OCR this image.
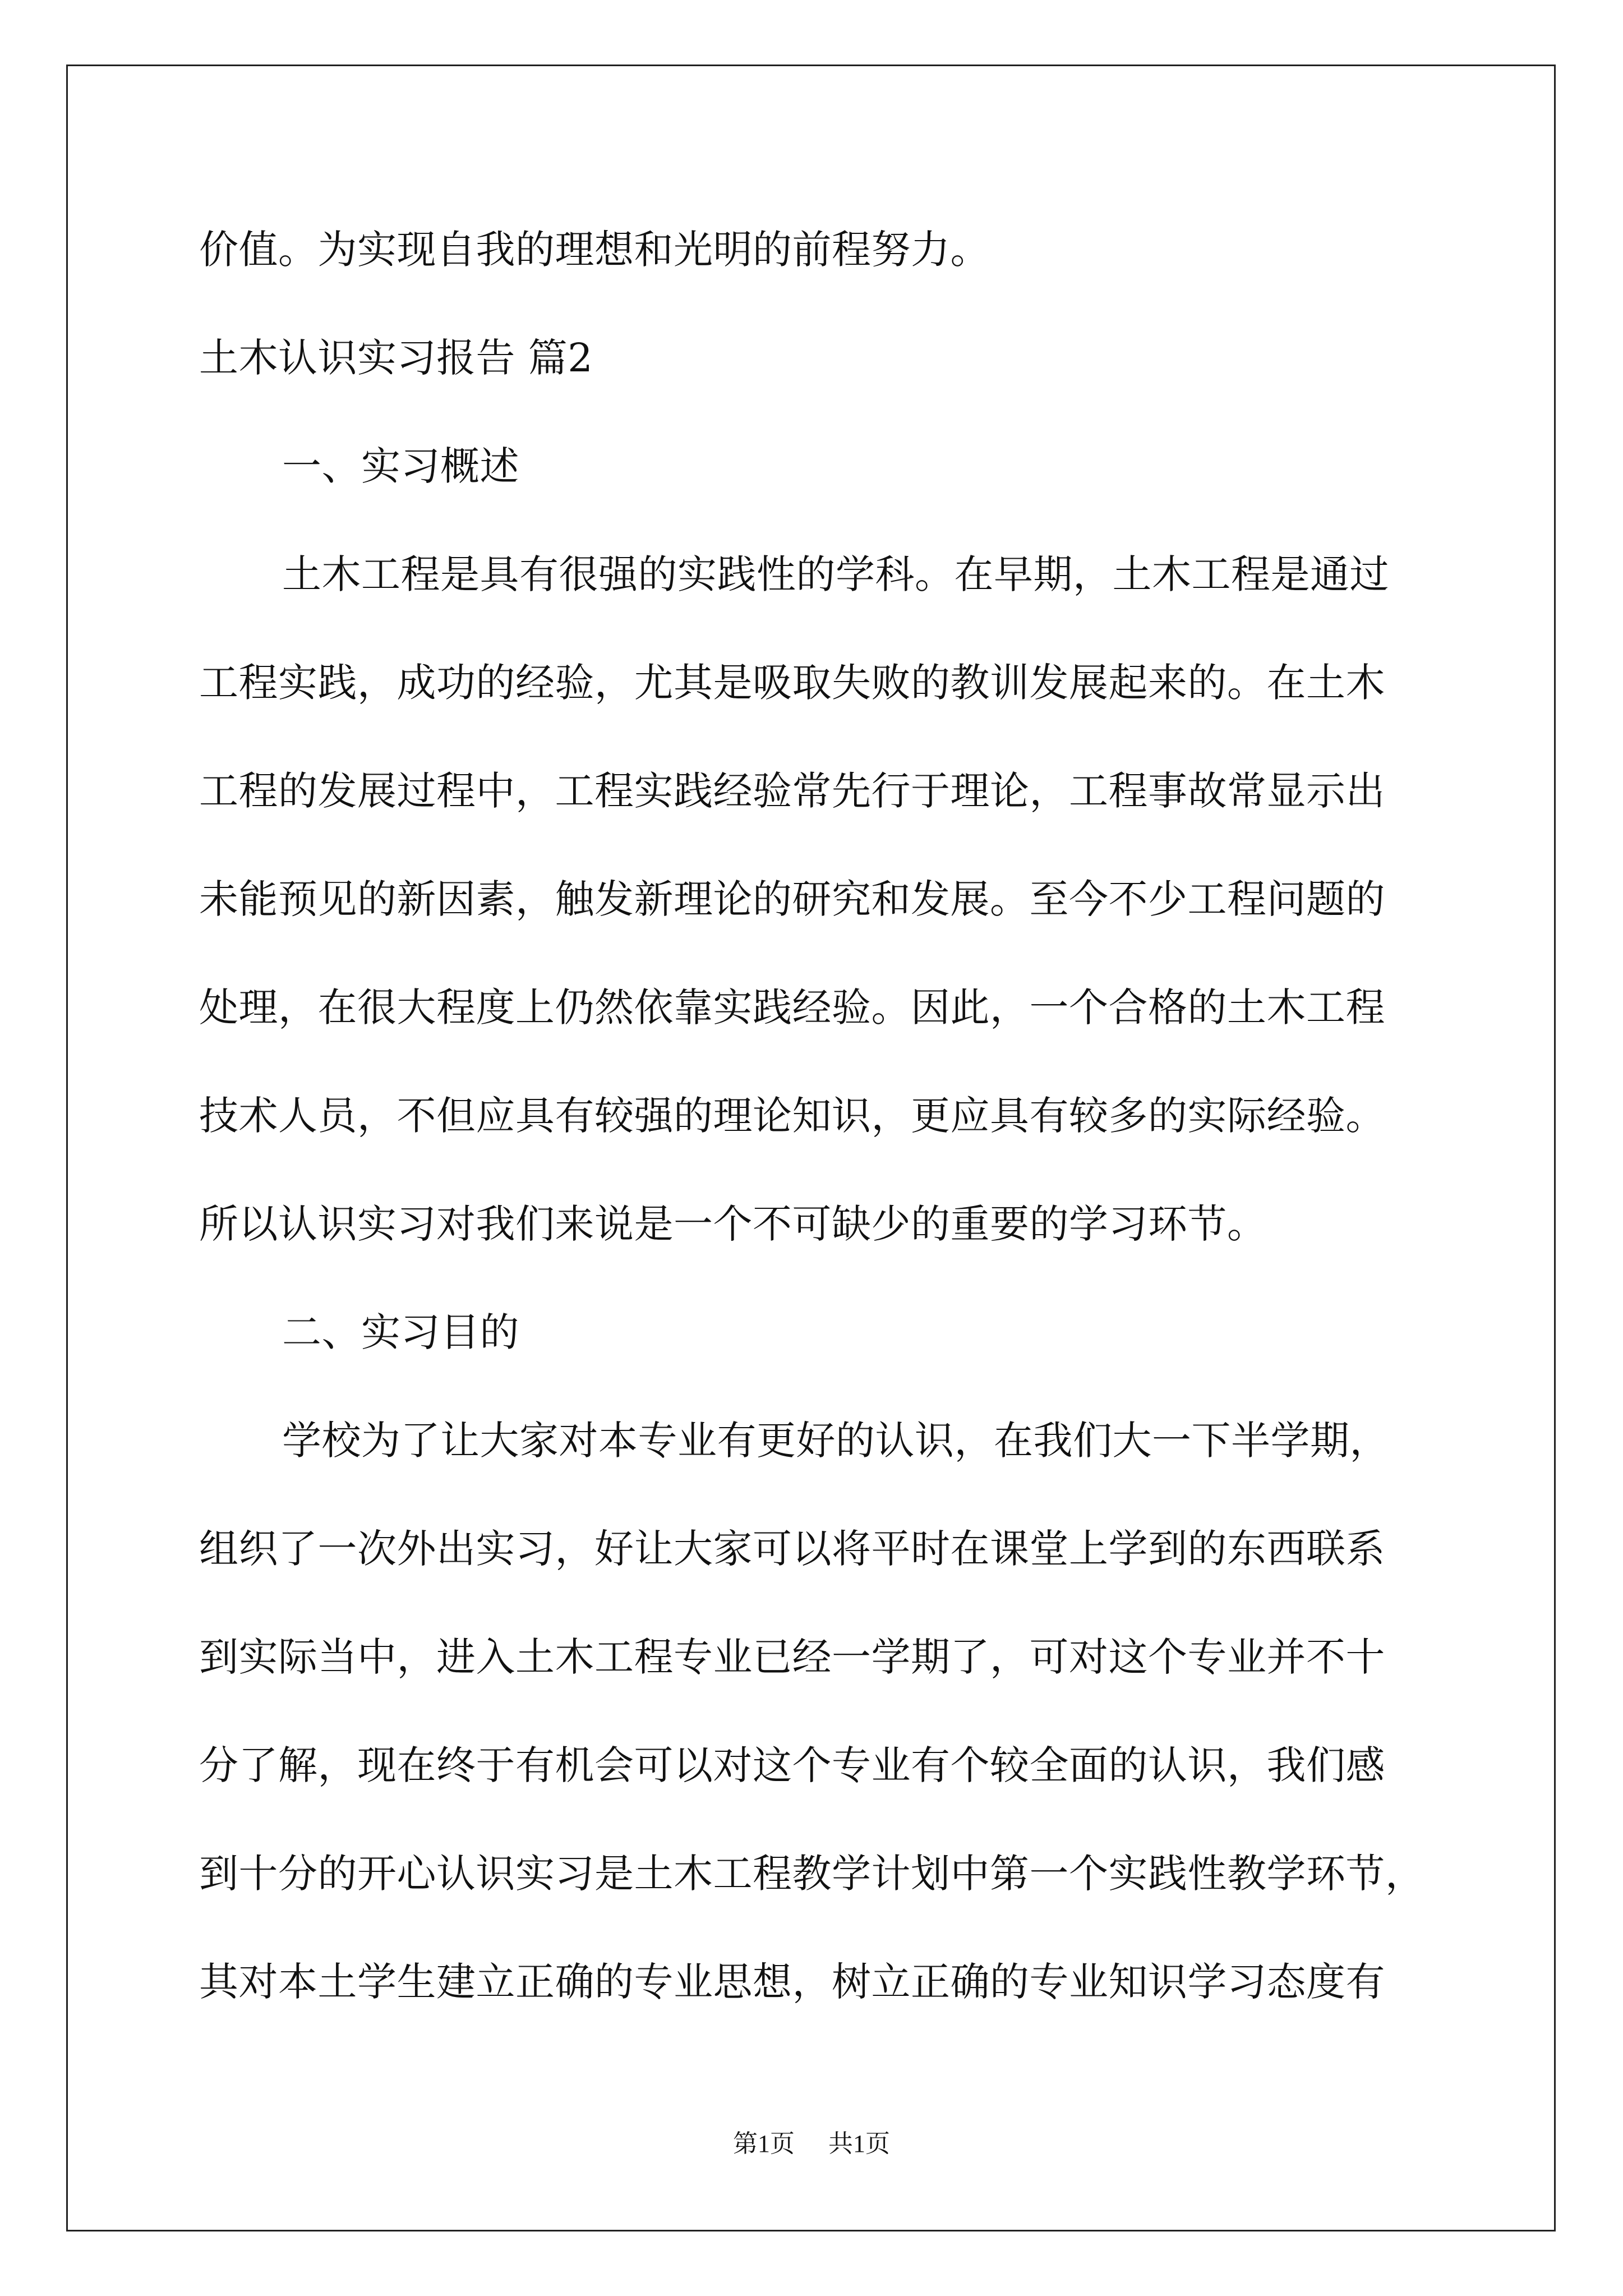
价值。为实现自我的理想和光明的前程努力。
土木认识实习报告 篇2
一、实习概述
土木工程是具有很强的实践性的学科。在早期，土木工程是通过
工程实践，成功的经验，尤其是吸取失败的教训发展起来的。在土木
工程的发展过程中，工程实践经验常先行于理论，工程事故常显示出
未能预见的新因素，触发新理论的研究和发展。至今不少工程问题的
处理，在很大程度上仍然依靠实践经验。因此，一个合格的土木工程
技术人员，不但应具有较强的理论知识，更应具有较多的实际经验。
所以认识实习对我们来说是一个不可缺少的重要的学习环节。
二、实习目的
学校为了让大家对本专业有更好的认识，在我们大一下半学期，
组织了一次外出实习，好让大家可以将平时在课堂上学到的东西联系
到实际当中，进入土木工程专业已经一学期了，可对这个专业并不十
分了解，现在终于有机会可以对这个专业有个较全面的认识，我们感
到十分的开心认识实习是土木工程教学计划中第一个实践性教学环节，
其对本土学生建立正确的专业思想，树立正确的专业知识学习态度有
第1页 共1页
